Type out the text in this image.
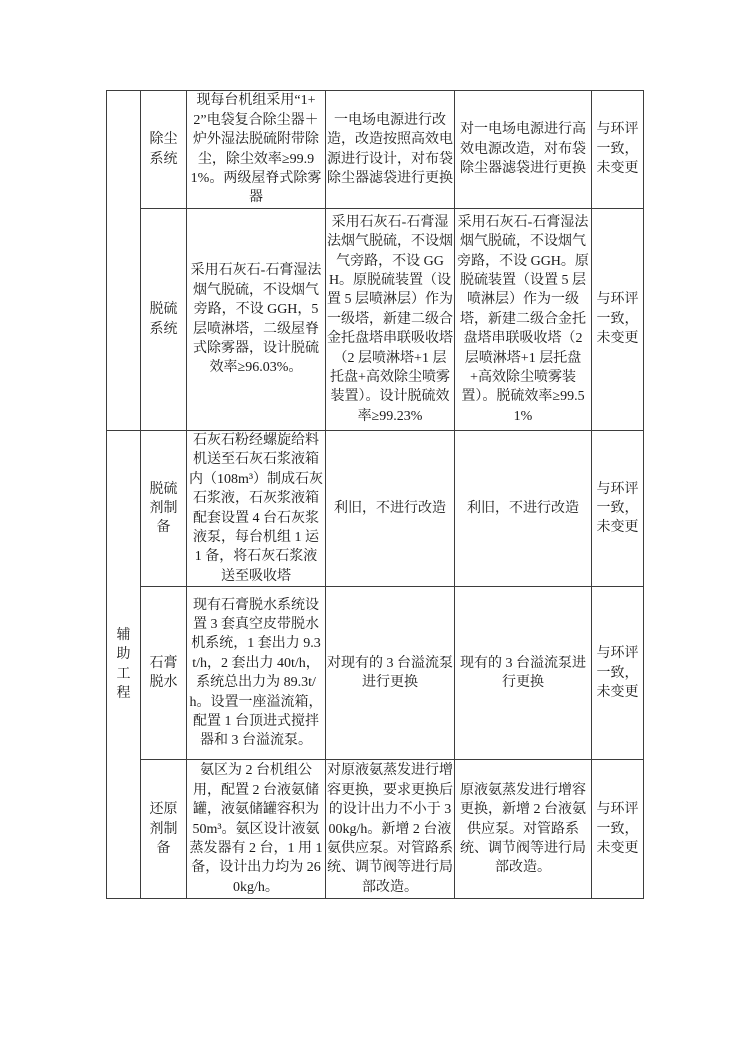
	除尘系统	现每台机组采用“1+2”电袋复合除尘器＋炉外湿法脱硫附带除尘，除尘效率≥99.91%。两级屋脊式除雾器	一电场电源进行改造，改造按照高效电源进行设计，对布袋除尘器滤袋进行更换	对一电场电源进行高效电源改造，对布袋除尘器滤袋进行更换	与环评一致，未变更

	脱硫系统	采用石灰石-石膏湿法烟气脱硫，不设烟气旁路，不设 GGH，5 层喷淋塔，二级屋脊式除雾器，设计脱硫效率≥96.03%。	采用石灰石-石膏湿法烟气脱硫，不设烟气旁路，不设 GGH。原脱硫装置（设置 5 层喷淋层）作为一级塔，新建二级合金托盘塔串联吸收塔（2 层喷淋塔+1 层托盘+高效除尘喷雾装置）。设计脱硫效率≥99.23%	采用石灰石-石膏湿法烟气脱硫，不设烟气旁路，不设 GGH。原脱硫装置（设置 5 层喷淋层）作为一级塔，新建二级合金托盘塔串联吸收塔（2 层喷淋塔+1 层托盘+高效除尘喷雾装置）。脱硫效率≥99.51%	与环评一致，未变更

辅助工程	脱硫剂制备	石灰石粉经螺旋给料机送至石灰石浆液箱内（108m³）制成石灰石浆液，石灰浆液箱配套设置 4 台石灰浆液泵，每台机组 1 运 1 备，将石灰石浆液送至吸收塔	利旧，不进行改造	利旧，不进行改造	与环评一致，未变更

	石膏脱水	现有石膏脱水系统设置 3 套真空皮带脱水机系统，1 套出力 9.3t/h，2 套出力 40t/h，系统总出力为 89.3t/h。设置一座溢流箱，配置 1 台顶进式搅拌器和 3 台溢流泵。	对现有的 3 台溢流泵进行更换	现有的 3 台溢流泵进行更换	与环评一致，未变更

	还原剂制备	氨区为 2 台机组公用，配置 2 台液氨储罐，液氨储罐容积为 50m³。氨区设计液氨蒸发器有 2 台，1 用 1 备，设计出力均为 260kg/h。	对原液氨蒸发进行增容更换，要求更换后的设计出力不小于 300kg/h。新增 2 台液氨供应泵。对管路系统、调节阀等进行局部改造。	原液氨蒸发进行增容更换，新增 2 台液氨供应泵。对管路系统、调节阀等进行局部改造。	与环评一致，未变更
